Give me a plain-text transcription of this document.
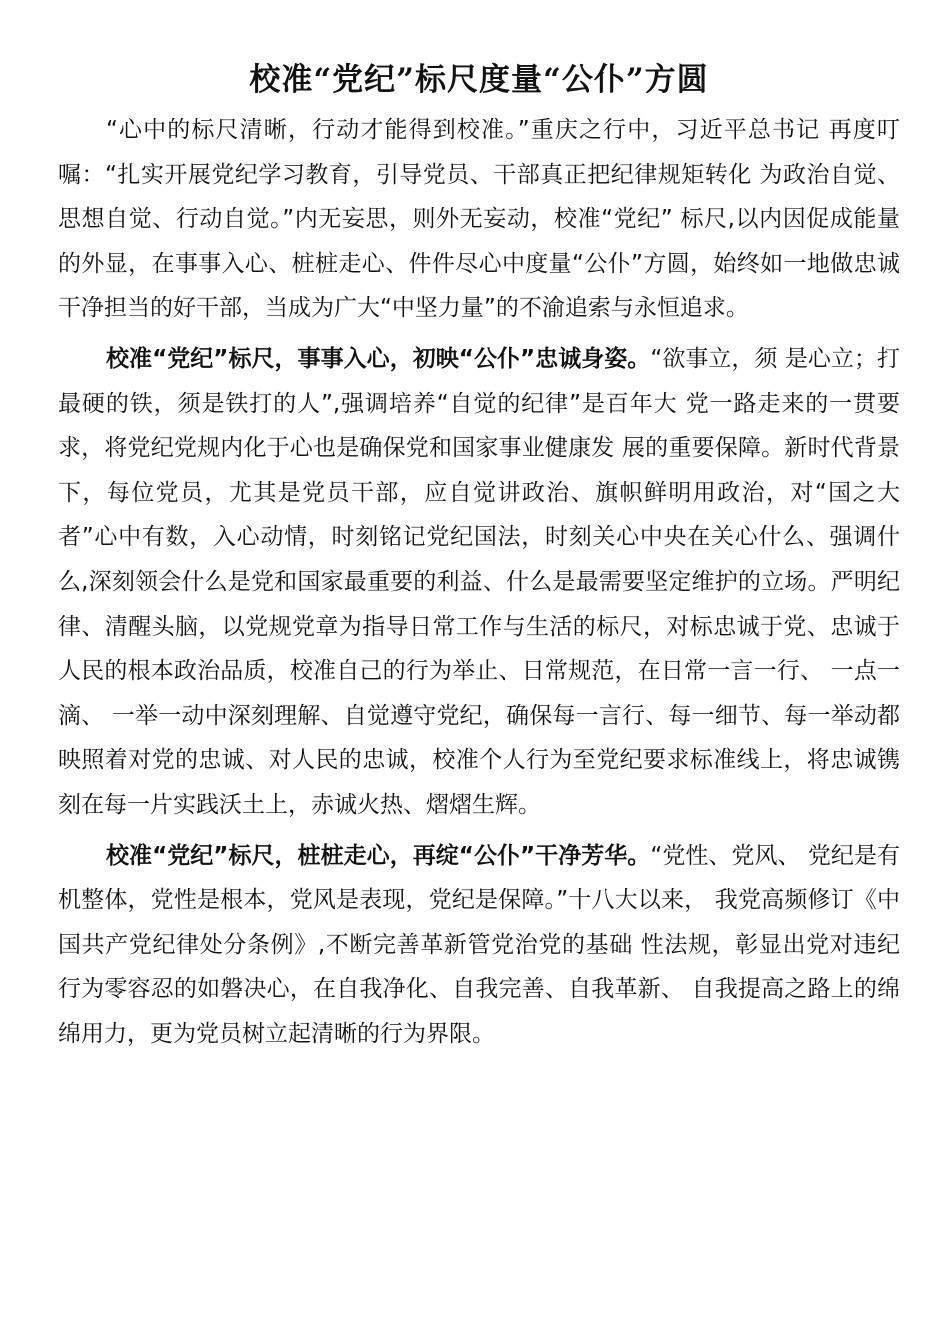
校准“党纪”标尺度量“公仆”方圆

“心中的标尺清晰，行动才能得到校准。”重庆之行中，习近平总书记 再度叮嘱：“扎实开展党纪学习教育，引导党员、干部真正把纪律规矩转化 为政治自觉、思想自觉、行动自觉。”内无妄思，则外无妄动，校准“党纪” 标尺,以内因促成能量的外显，在事事入心、桩桩走心、件件尽心中度量“公仆”方圆，始终如一地做忠诚干净担当的好干部，当成为广大“中坚力量”的不渝追索与永恒追求。

校准“党纪”标尺，事事入心，初映“公仆”忠诚身姿。“欲事立，须 是心立；打最硬的铁，须是铁打的人”,强调培养“自觉的纪律”是百年大 党一路走来的一贯要求，将党纪党规内化于心也是确保党和国家事业健康发 展的重要保障。新时代背景下，每位党员，尤其是党员干部，应自觉讲政治、旗帜鲜明用政治，对“国之大者”心中有数，入心动情，时刻铭记党纪国法，时刻关心中央在关心什么、强调什么,深刻领会什么是党和国家最重要的利益、什么是最需要坚定维护的立场。严明纪律、清醒头脑，以党规党章为指导日常工作与生活的标尺，对标忠诚于党、忠诚于人民的根本政治品质，校准自己的行为举止、日常规范，在日常一言一行、 一点一滴、 一举一动中深刻理解、自觉遵守党纪，确保每一言行、每一细节、每一举动都映照着对党的忠诚、对人民的忠诚，校准个人行为至党纪要求标准线上，将忠诚镌刻在每一片实践沃土上，赤诚火热、熠熠生辉。

校准“党纪”标尺，桩桩走心，再绽“公仆”干净芳华。“党性、党风、 党纪是有机整体，党性是根本，党风是表现，党纪是保障。”十八大以来， 我党高频修订《中国共产党纪律处分条例》,不断完善革新管党治党的基础 性法规，彰显出党对违纪行为零容忍的如磐决心，在自我净化、自我完善、自我革新、 自我提高之路上的绵绵用力，更为党员树立起清晰的行为界限。
